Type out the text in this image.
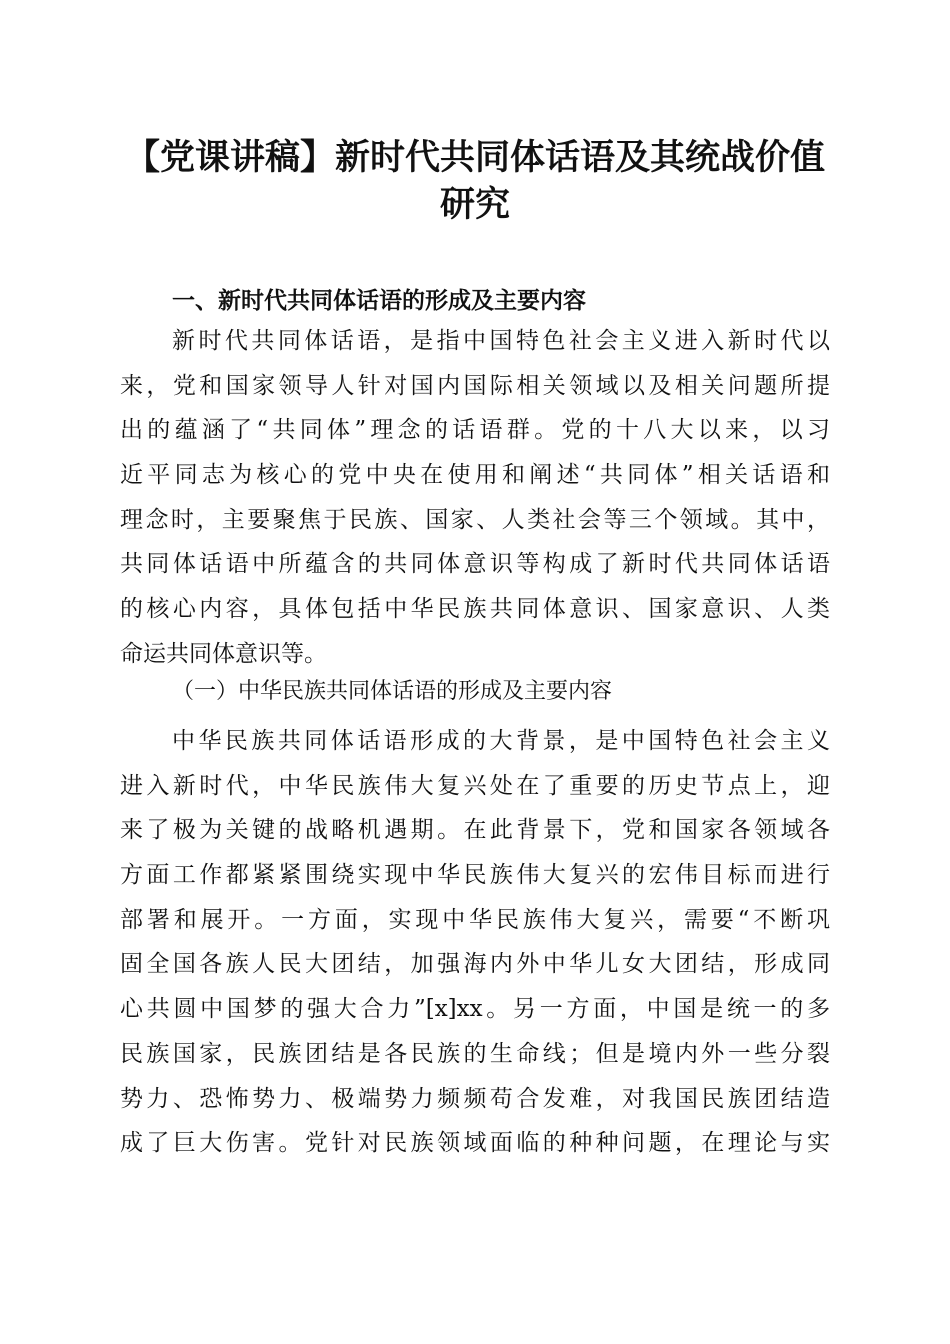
【党课讲稿】新时代共同体话语及其统战价值
研究
一、新时代共同体话语的形成及主要内容
新时代共同体话语，是指中国特色社会主义进入新时代以
来，党和国家领导人针对国内国际相关领域以及相关问题所提
出的蕴涵了“共同体”理念的话语群。党的十八大以来，以习
近平同志为核心的党中央在使用和阐述“共同体”相关话语和
理念时，主要聚焦于民族、国家、人类社会等三个领域。其中，
共同体话语中所蕴含的共同体意识等构成了新时代共同体话语
的核心内容，具体包括中华民族共同体意识、国家意识、人类
命运共同体意识等。
（一）中华民族共同体话语的形成及主要内容
中华民族共同体话语形成的大背景，是中国特色社会主义
进入新时代，中华民族伟大复兴处在了重要的历史节点上，迎
来了极为关键的战略机遇期。在此背景下，党和国家各领域各
方面工作都紧紧围绕实现中华民族伟大复兴的宏伟目标而进行
部署和展开。一方面，实现中华民族伟大复兴，需要“不断巩
固全国各族人民大团结，加强海内外中华儿女大团结，形成同
心共圆中国梦的强大合力”[x]xx。另一方面，中国是统一的多
民族国家，民族团结是各民族的生命线；但是境内外一些分裂
势力、恐怖势力、极端势力频频苟合发难，对我国民族团结造
成了巨大伤害。党针对民族领域面临的种种问题，在理论与实
